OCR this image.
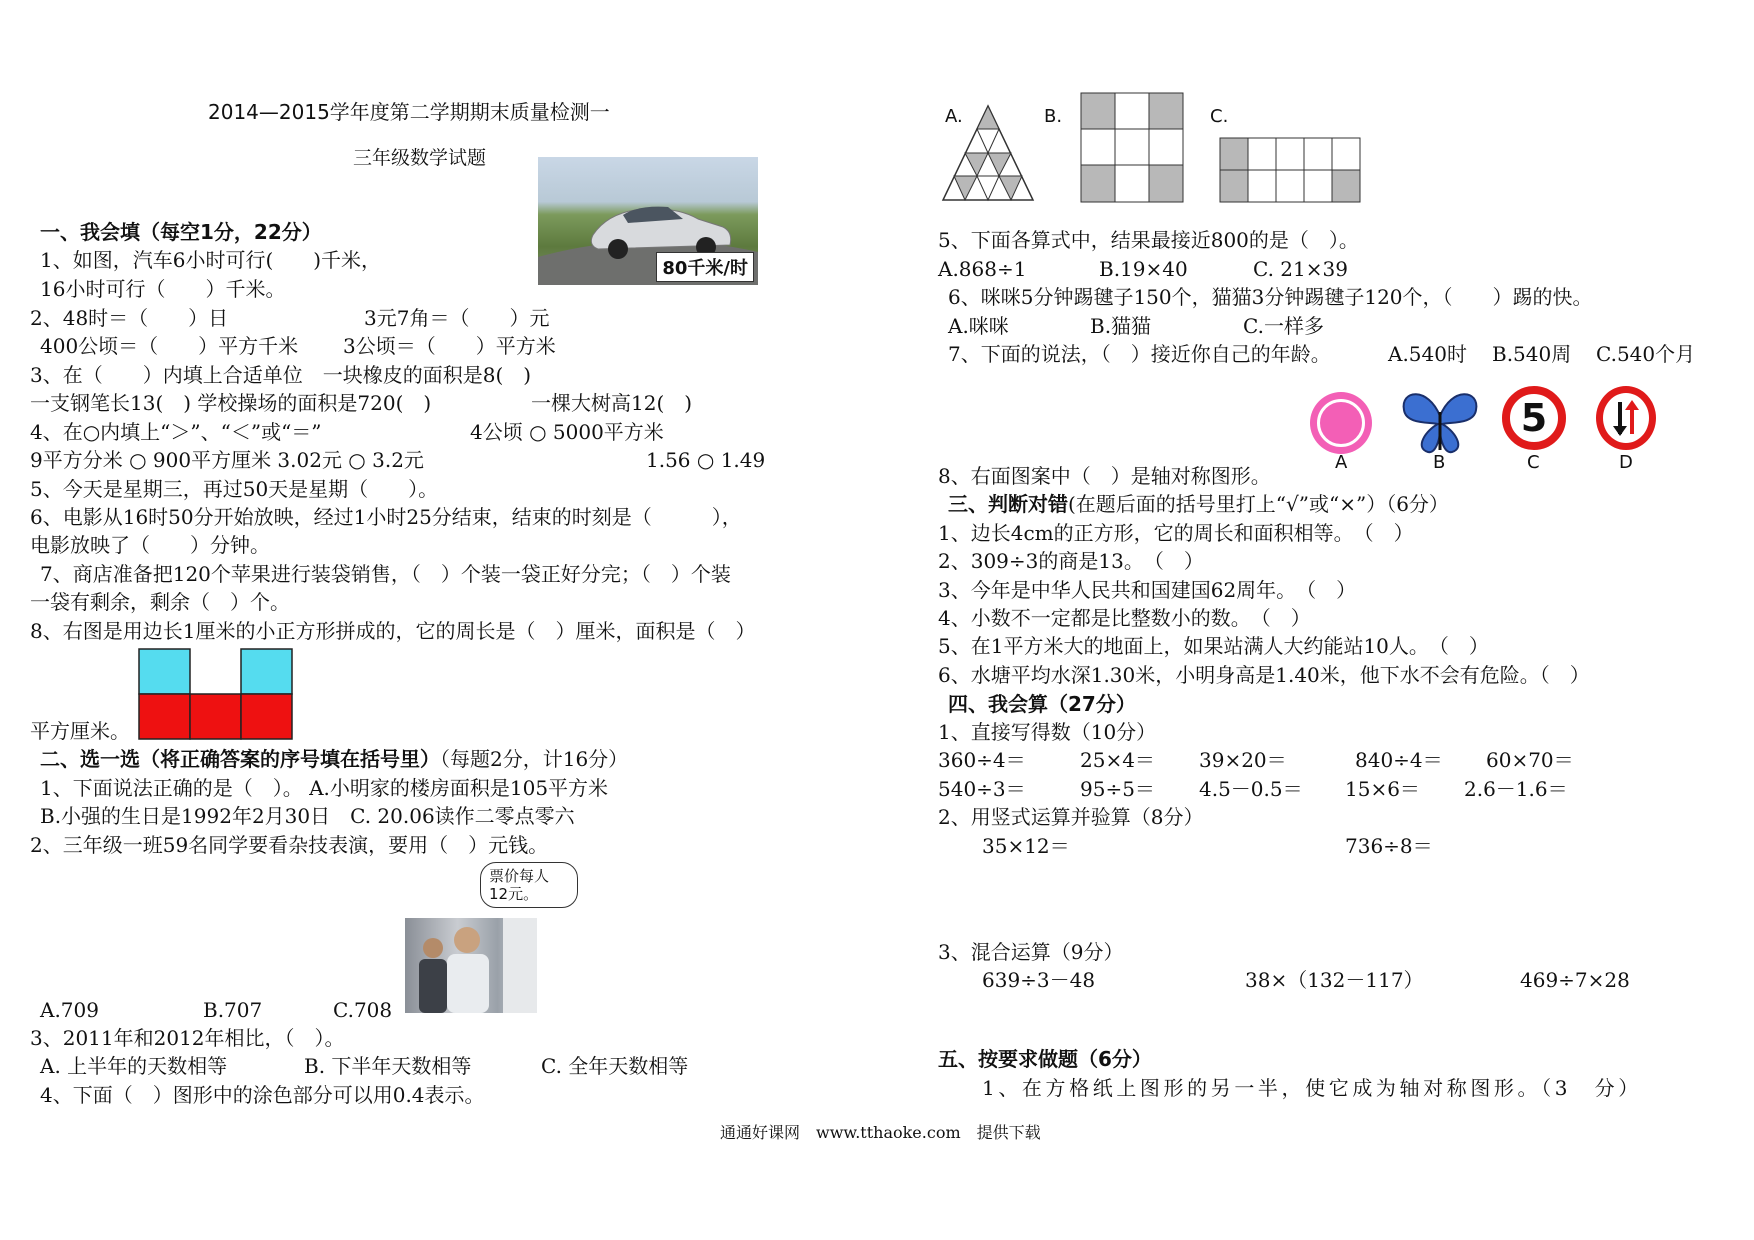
2014—2015学年度第二学期期末质量检测一
三年级数学试题
80千米/时
一、我会填（每空1分，22分）
1、如图，汽车6小时可行(　　)千米，
16小时可行（　　）千米。
2、48时＝（　　）日	3元7角＝（　　）元
400公顷＝（　　）平方千米 3公顷＝（　　）平方米
3、在（　　）内填上合适单位　一块橡皮的面积是8(　)
一支钢笔长13(　) 学校操场的面积是720(　)	一棵大树高12(　)
4、在○内填上“＞”、“＜”或“＝”	4公顷 ○ 5000平方米
9平方分米 ○ 900平方厘米 3.02元 ○ 3.2元	1.56 ○ 1.49
5、今天是星期三，再过50天是星期（　　）。
6、电影从16时50分开始放映，经过1小时25分结束，结束的时刻是（　　　），
电影放映了（　　）分钟。
7、商店准备把120个苹果进行装袋销售，（　）个装一袋正好分完；（　）个装
一袋有剩余，剩余（　）个。
8、右图是用边长1厘米的小正方形拼成的，它的周长是（　）厘米，面积是（　）
平方厘米。
二、选一选（将正确答案的序号填在括号里）（每题2分，计16分）
1、下面说法正确的是（　）。 A.小明家的楼房面积是105平方米
B.小强的生日是1992年2月30日　C. 20.06读作二零点零六
2、三年级一班59名同学要看杂技表演，要用（　）元钱。
票价每人
12元。
A.709	B.707	C.708
3、2011年和2012年相比，（　）。
A. 上半年的天数相等	B. 下半年天数相等	C. 全年天数相等
4、下面（　）图形中的涂色部分可以用0.4表示。
A.	B.	C.
5、下面各算式中，结果最接近800的是（　）。
A.868÷1	B.19×40	C. 21×39
6、咪咪5分钟踢毽子150个，猫猫3分钟踢毽子120个，（　　）踢的快。
A.咪咪	B.猫猫	C.一样多
7、下面的说法，（　）接近你自己的年龄。	A.540时 B.540周 C.540个月
5
A	B	C	D
8、右面图案中（　）是轴对称图形。
三、判断对错(在题后面的括号里打上“√”或“×”）（6分）
1、边长4cm的正方形，它的周长和面积相等。　（　）
2、309÷3的商是13。　（　）
3、今年是中华人民共和国建国62周年。　（　）
4、小数不一定都是比整数小的数。　（　）
5、在1平方米大的地面上，如果站满人大约能站10人。　（　）
6、水塘平均水深1.30米，小明身高是1.40米，他下水不会有危险。（　）
四、我会算（27分）
1、直接写得数（10分）
360÷4＝	25×4＝ 39×20＝	840÷4＝ 60×70＝
540÷3＝	95÷5＝ 4.5－0.5＝ 15×6＝ 2.6－1.6＝
2、用竖式运算并验算（8分）
35×12＝	736÷8＝
3、混合运算（9分）
639÷3－48	38×（132－117）	469÷7×28
五、按要求做题（6分）
1、在方格纸上图形的另一半，使它成为轴对称图形。（3　分）
通通好课网　www.tthaoke.com　提供下载
